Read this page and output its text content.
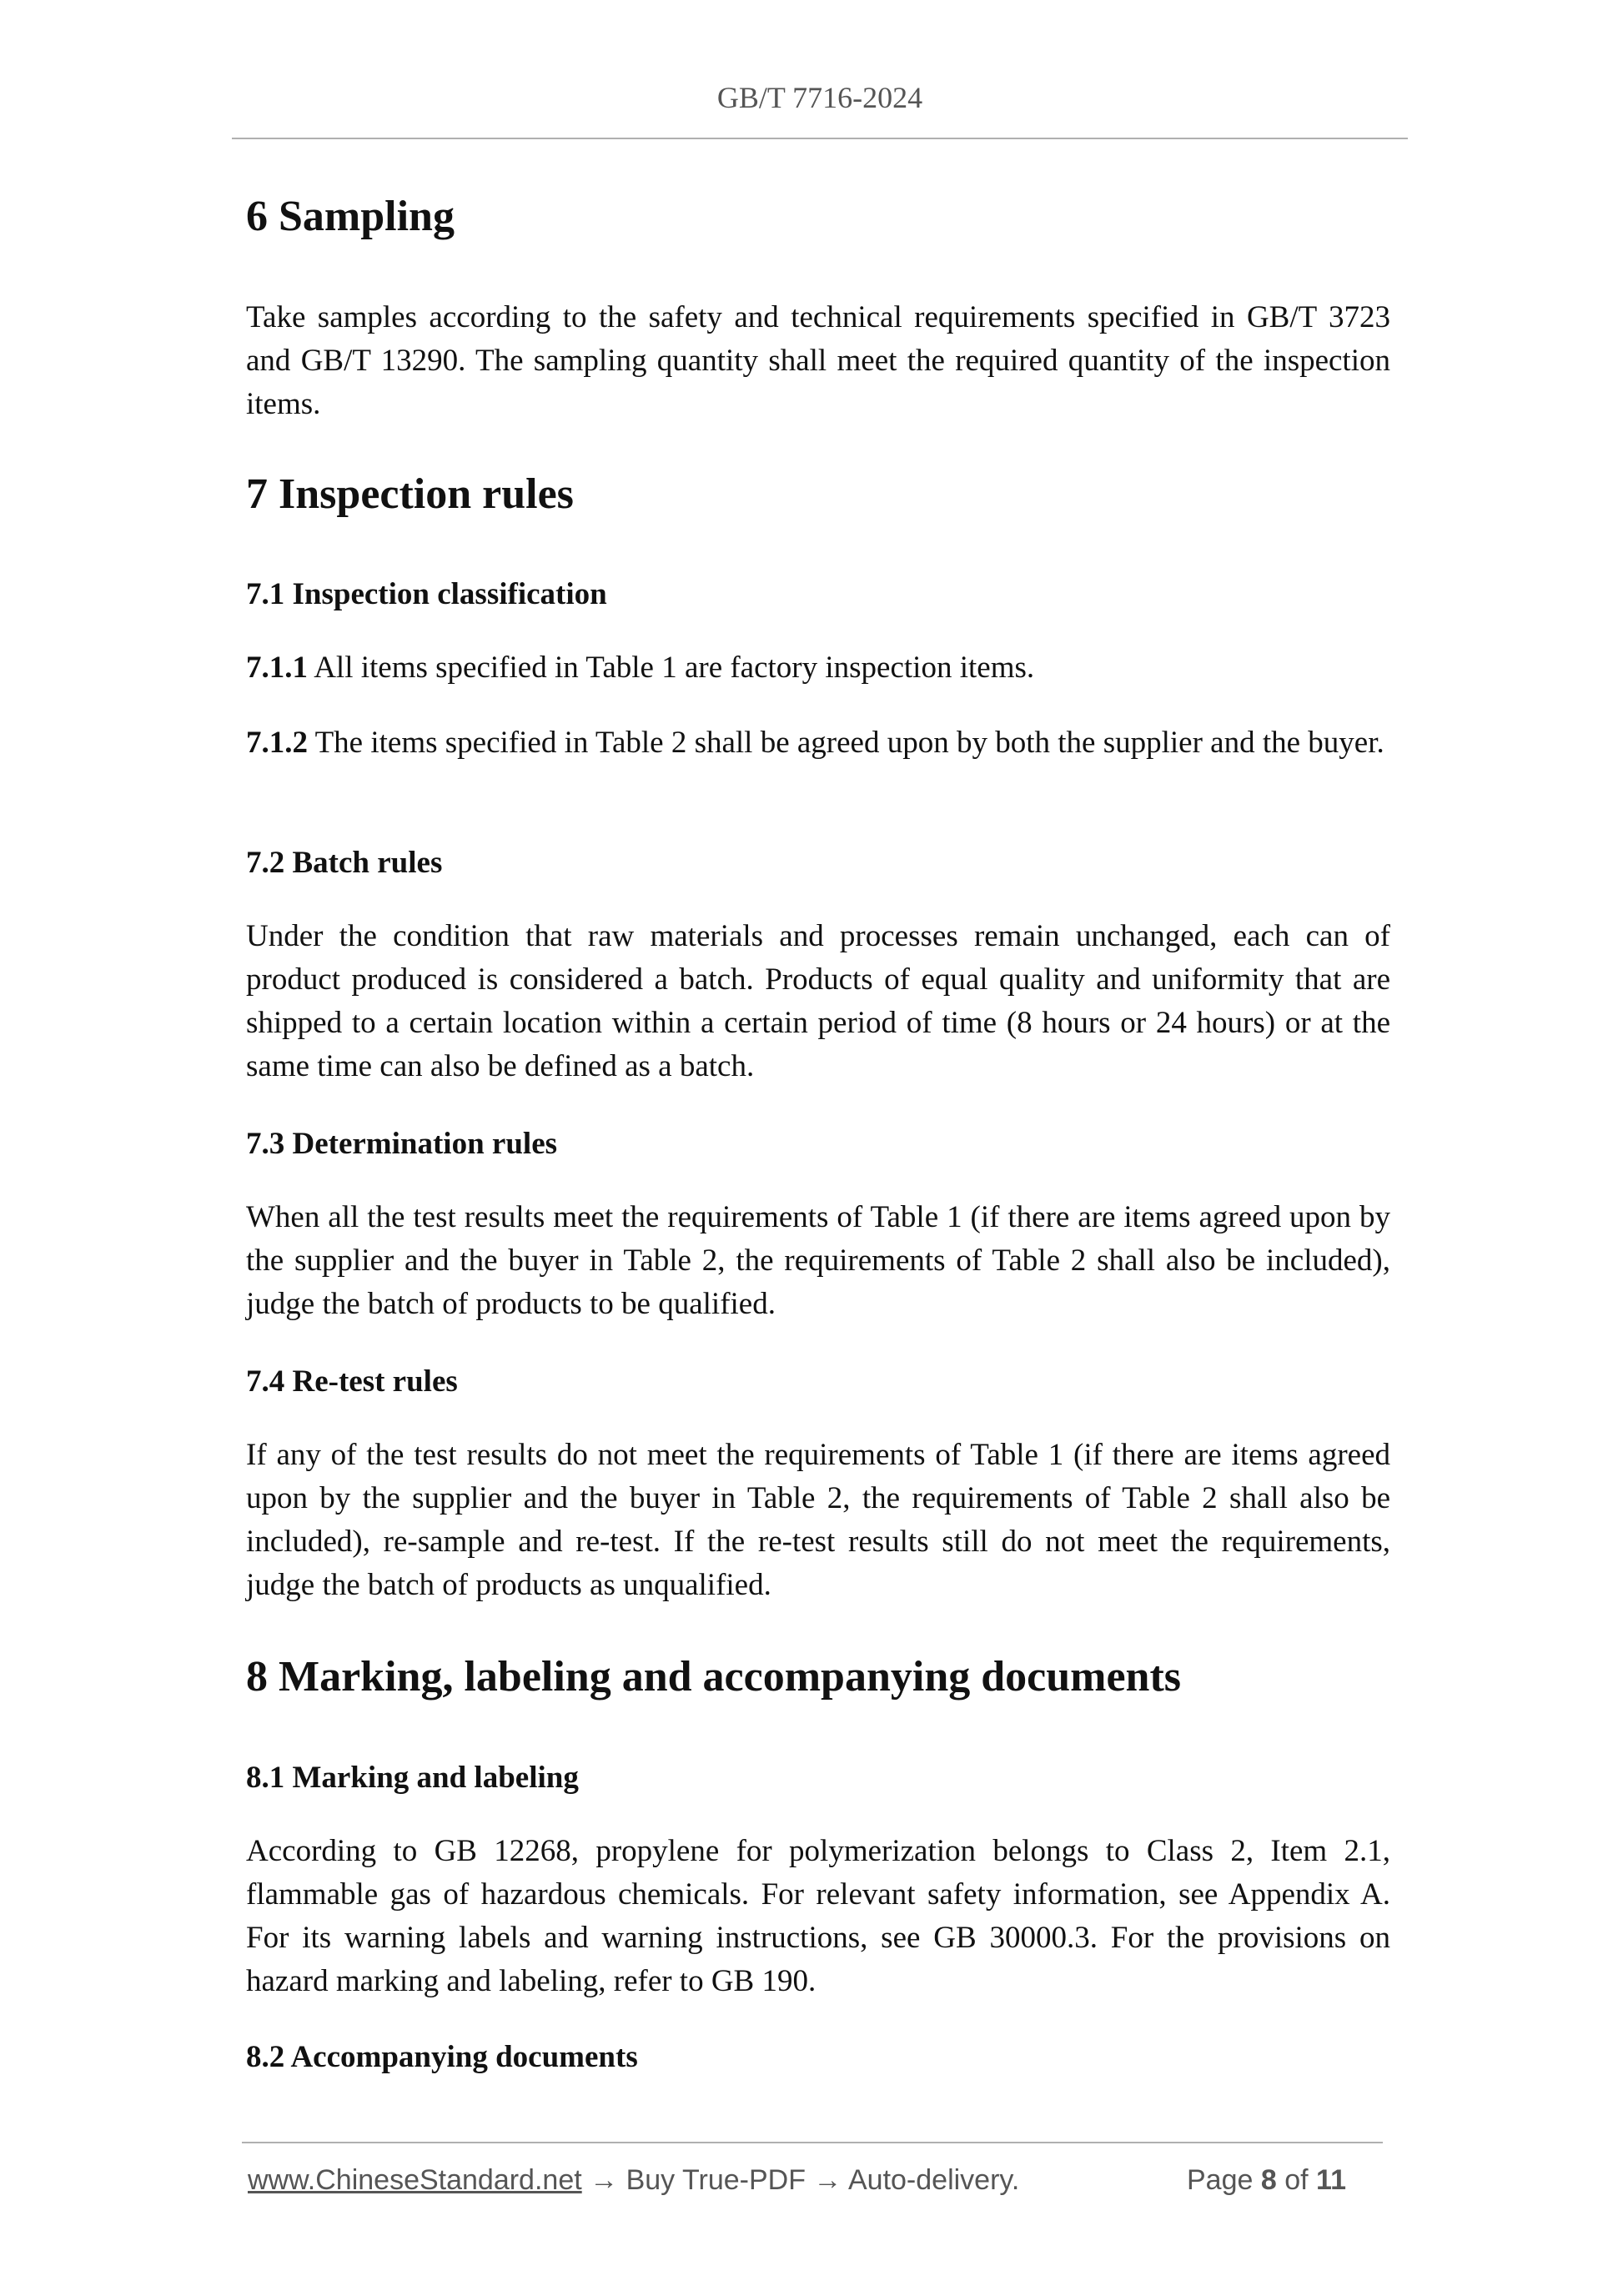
GB/T 7716-2024
6 Sampling

Take samples according to the safety and technical requirements specified in GB/T 3723 and GB/T 13290. The sampling quantity shall meet the required quantity of the inspection items.

7 Inspection rules
7.1 Inspection classification

7.1.1 All items specified in Table 1 are factory inspection items.

7.1.2 The items specified in Table 2 shall be agreed upon by both the supplier and the buyer.

7.2 Batch rules

Under the condition that raw materials and processes remain unchanged, each can of product produced is considered a batch. Products of equal quality and uniformity that are shipped to a certain location within a certain period of time (8 hours or 24 hours) or at the same time can also be defined as a batch.

7.3 Determination rules

When all the test results meet the requirements of Table 1 (if there are items agreed upon by the supplier and the buyer in Table 2, the requirements of Table 2 shall also be included), judge the batch of products to be qualified.

7.4 Re-test rules

If any of the test results do not meet the requirements of Table 1 (if there are items agreed upon by the supplier and the buyer in Table 2, the requirements of Table 2 shall also be included), re-sample and re-test. If the re-test results still do not meet the requirements, judge the batch of products as unqualified.

8 Marking, labeling and accompanying documents
8.1 Marking and labeling

According to GB 12268, propylene for polymerization belongs to Class 2, Item 2.1, flammable gas of hazardous chemicals. For relevant safety information, see Appendix A. For its warning labels and warning instructions, see GB 30000.3. For the provisions on hazard marking and labeling, refer to GB 190.

8.2 Accompanying documents
www.ChineseStandard.net → Buy True-PDF → Auto-delivery.	Page 8 of 11
